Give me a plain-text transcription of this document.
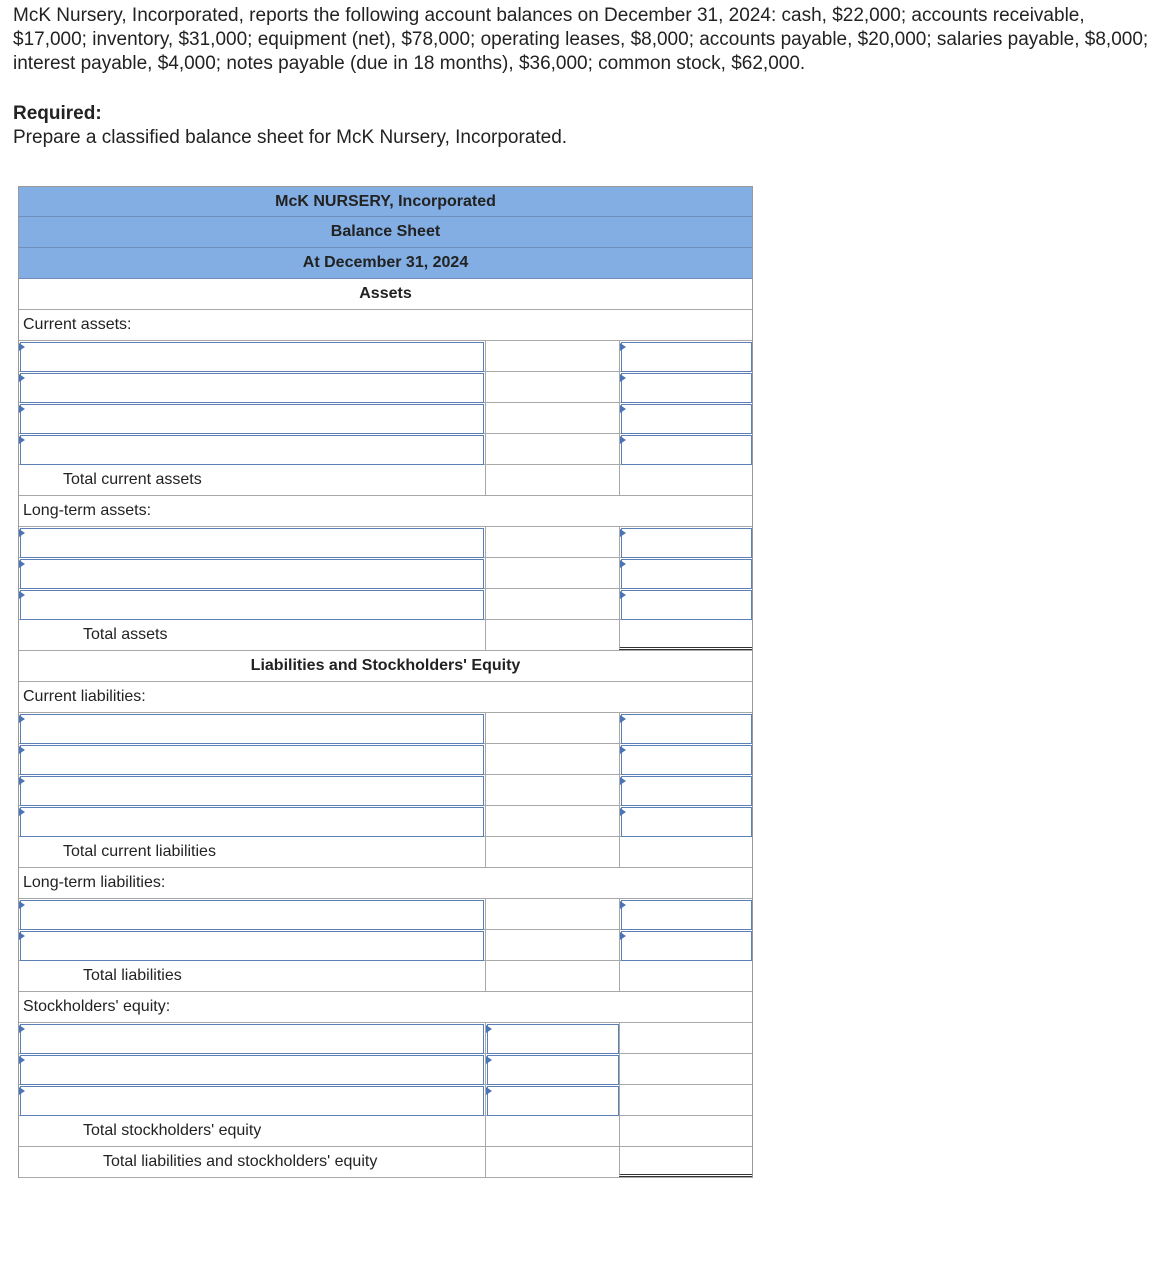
McK Nursery, Incorporated, reports the following account balances on December 31, 2024: cash, $22,000; accounts receivable, $17,000; inventory, $31,000; equipment (net), $78,000; operating leases, $8,000; accounts payable, $20,000; salaries payable, $8,000; interest payable, $4,000; notes payable (due in 18 months), $36,000; common stock, $62,000.
Required:
Prepare a classified balance sheet for McK Nursery, Incorporated.
McK NURSERY, Incorporated
Balance Sheet
At December 31, 2024
Assets
Current assets:
Total current assets
Long-term assets:
Total assets
Liabilities and Stockholders' Equity
Current liabilities:
Total current liabilities
Long-term liabilities:
Total liabilities
Stockholders' equity:
Total stockholders' equity
Total liabilities and stockholders' equity
